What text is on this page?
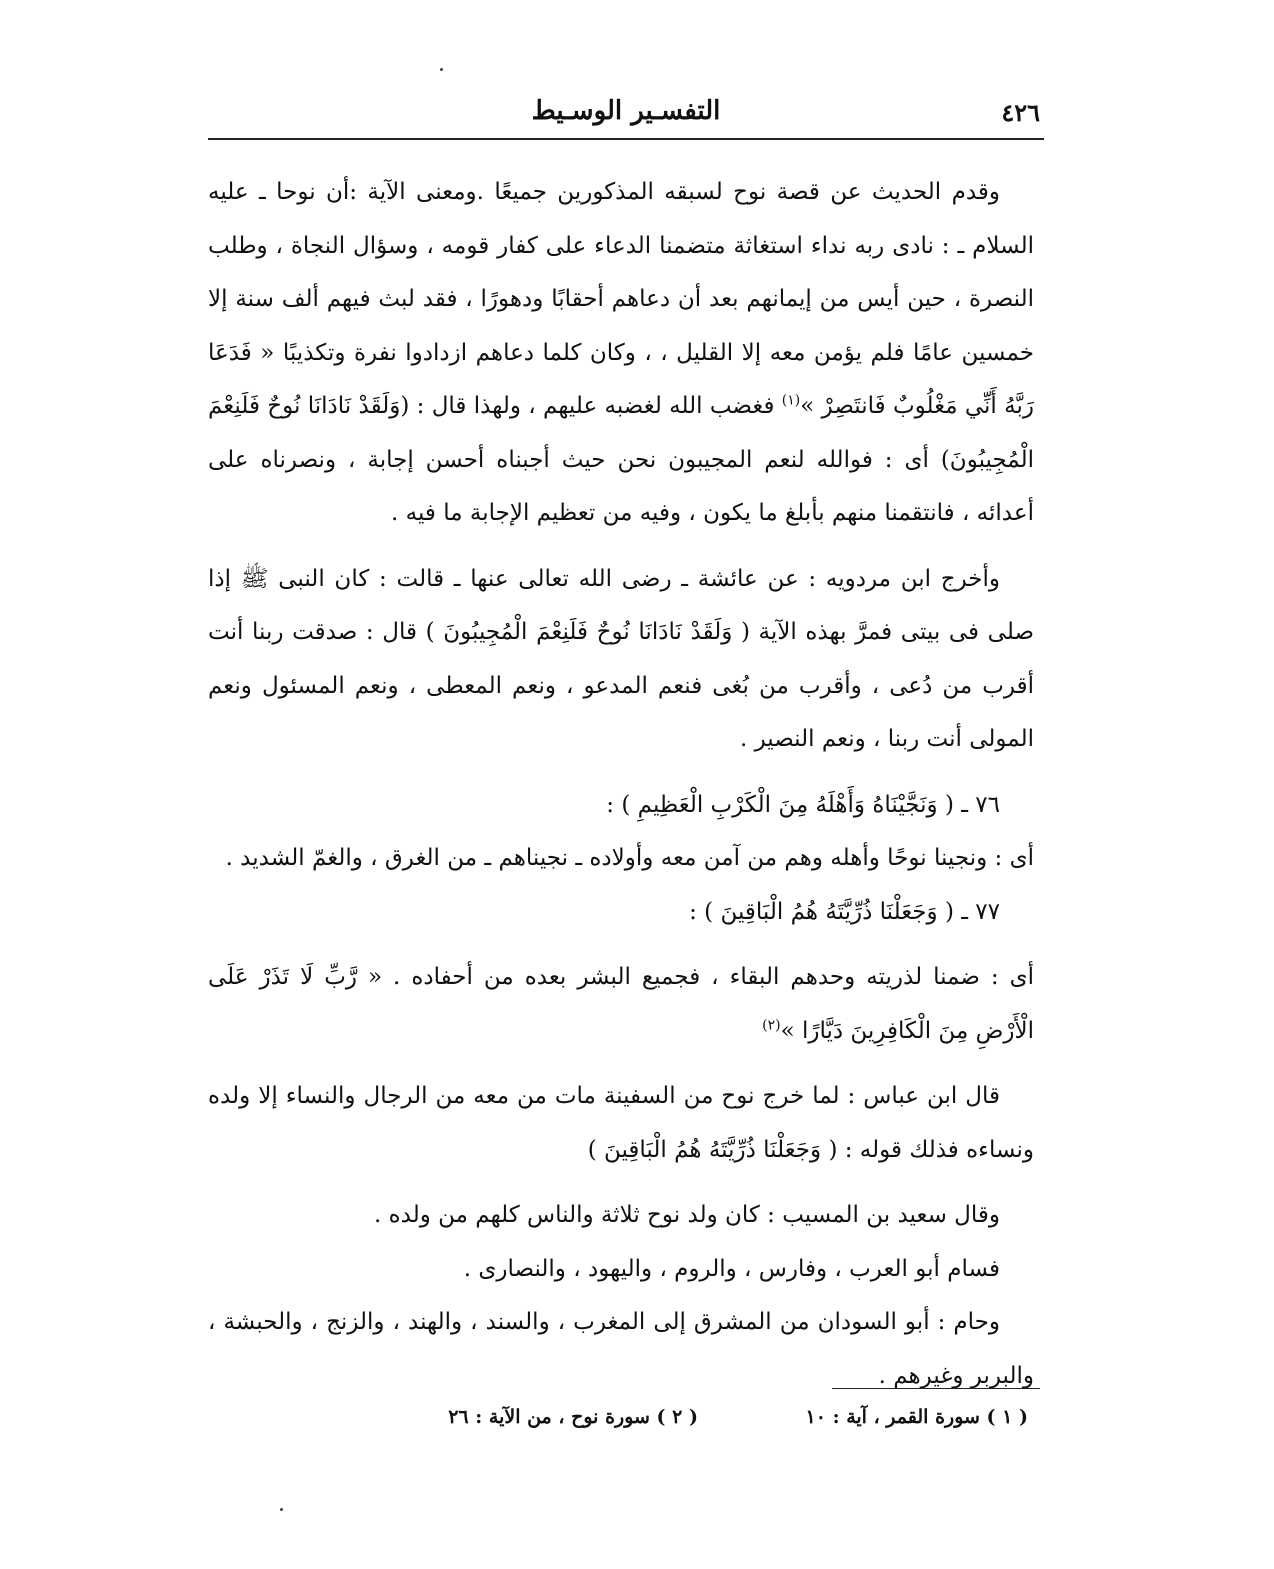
٤٢٦
التفسـير الوسـيط

وقدم الحديث عن قصة نوح لسبقه المذكورين جميعًا .ومعنى الآية :أن نوحا ـ عليه السلام ـ : نادى ربه نداء استغاثة متضمنا الدعاء على كفار قومه ، وسؤال النجاة ، وطلب النصرة ، حين أيس من إيمانهم بعد أن دعاهم أحقابًا ودهورًا ، فقد لبث فيهم ألف سنة إلا خمسين عامًا فلم يؤمن معه إلا القليل ، ، وكان كلما دعاهم ازدادوا نفرة وتكذيبًا « فَدَعَا رَبَّهُ أَنِّي مَغْلُوبٌ فَانتَصِرْ »$^{(١)}$ فغضب الله لغضبه عليهم ، ولهذا قال : (وَلَقَدْ نَادَانَا نُوحٌ فَلَنِعْمَ الْمُجِيبُونَ) أى : فوالله لنعم المجيبون نحن حيث أجبناه أحسن إجابة ، ونصرناه على أعدائه ، فانتقمنا منهم بأبلغ ما يكون ، وفيه من تعظيم الإجابة ما فيه .

وأخرج ابن مردويه : عن عائشة ـ رضى الله تعالى عنها ـ قالت : كان النبى ﷺ إذا صلى فى بيتى فمرَّ بهذه الآية ( وَلَقَدْ نَادَانَا نُوحٌ فَلَنِعْمَ الْمُجِيبُونَ ) قال : صدقت ربنا أنت أقرب من دُعى ، وأقرب من بُغى فنعم المدعو ، ونعم المعطى ، ونعم المسئول ونعم المولى أنت ربنا ، ونعم النصير .

٧٦ ـ ( وَنَجَّيْنَاهُ وَأَهْلَهُ مِنَ الْكَرْبِ الْعَظِيمِ ) :

أى : ونجينا نوحًا وأهله وهم من آمن معه وأولاده ـ نجيناهم ـ من الغرق ، والغمّ الشديد .

٧٧ ـ ( وَجَعَلْنَا ذُرِّيَّتَهُ هُمُ الْبَاقِينَ ) :

أى : ضمنا لذريته وحدهم البقاء ، فجميع البشر بعده من أحفاده . « رَّبِّ لَا تَذَرْ عَلَى الْأَرْضِ مِنَ الْكَافِرِينَ دَيَّارًا »$^{(٢)}$

قال ابن عباس : لما خرج نوح من السفينة مات من معه من الرجال والنساء إلا ولده ونساءه فذلك قوله : ( وَجَعَلْنَا ذُرِّيَّتَهُ هُمُ الْبَاقِينَ )

وقال سعيد بن المسيب : كان ولد نوح ثلاثة والناس كلهم من ولده .

فسام أبو العرب ، وفارس ، والروم ، واليهود ، والنصارى .

وحام : أبو السودان من المشرق إلى المغرب ، والسند ، والهند ، والزنج ، والحبشة ، والبربر وغيرهم .

( ١ ) سورة القمر ، آية : ١٠
( ٢ ) سورة نوح ، من الآية : ٢٦
